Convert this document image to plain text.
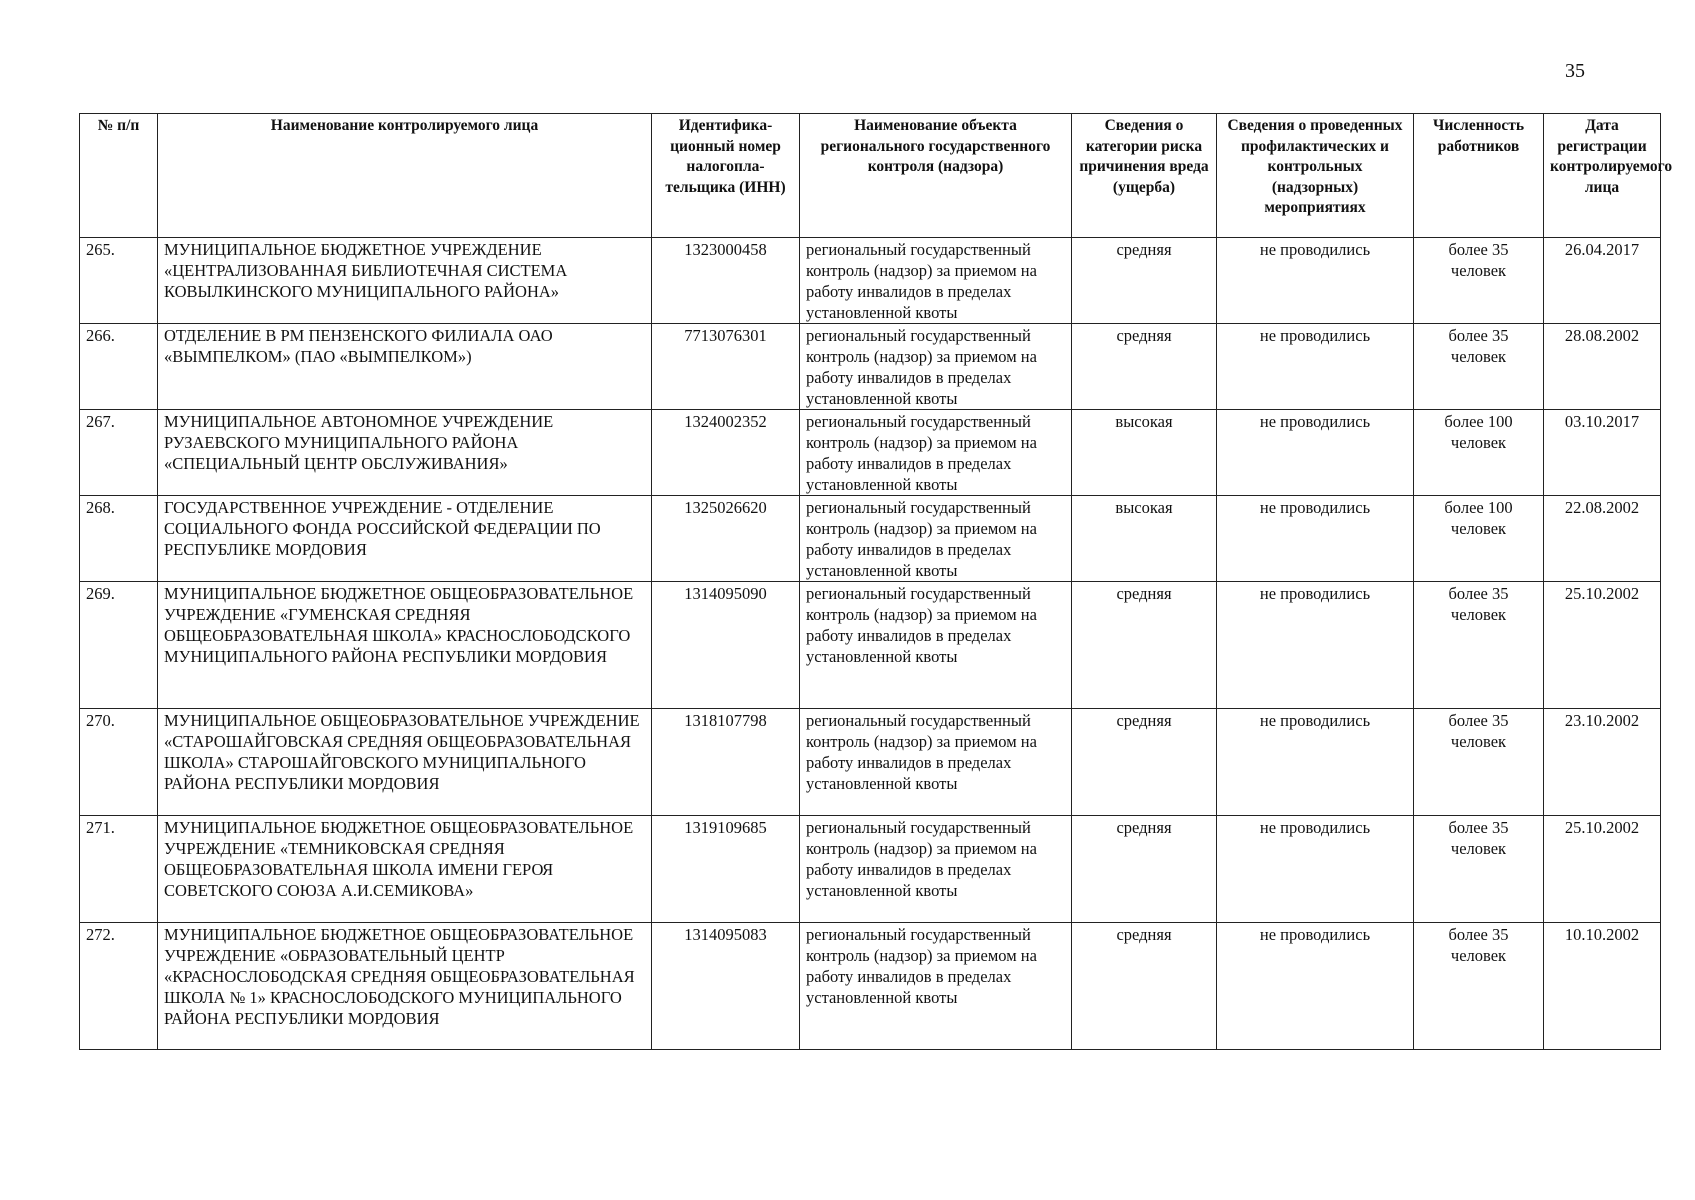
35
№ п/п	Наименование контролируемого лица	Идентифика-ционный номер налогопла-тельщика (ИНН)	Наименование объекта регионального государственного контроля (надзора)	Сведения о категории риска причинения вреда (ущерба)	Сведения о проведенных профилактических и контрольных (надзорных) мероприятиях	Численность работников	Дата регистрации контролируемого лица
265.	МУНИЦИПАЛЬНОЕ БЮДЖЕТНОЕ УЧРЕЖДЕНИЕ «ЦЕНТРАЛИЗОВАННАЯ БИБЛИОТЕЧНАЯ СИСТЕМА КОВЫЛКИНСКОГО МУНИЦИПАЛЬНОГО РАЙОНА»	1323000458	региональный государственный контроль (надзор) за приемом на работу инвалидов в пределах установленной квоты	средняя	не проводились	более 35 человек	26.04.2017
266.	ОТДЕЛЕНИЕ В РМ ПЕНЗЕНСКОГО ФИЛИАЛА ОАО «ВЫМПЕЛКОМ» (ПАО «ВЫМПЕЛКОМ»)	7713076301	региональный государственный контроль (надзор) за приемом на работу инвалидов в пределах установленной квоты	средняя	не проводились	более 35 человек	28.08.2002
267.	МУНИЦИПАЛЬНОЕ АВТОНОМНОЕ УЧРЕЖДЕНИЕ РУЗАЕВСКОГО МУНИЦИПАЛЬНОГО РАЙОНА «СПЕЦИАЛЬНЫЙ ЦЕНТР ОБСЛУЖИВАНИЯ»	1324002352	региональный государственный контроль (надзор) за приемом на работу инвалидов в пределах установленной квоты	высокая	не проводились	более 100 человек	03.10.2017
268.	ГОСУДАРСТВЕННОЕ УЧРЕЖДЕНИЕ - ОТДЕЛЕНИЕ СОЦИАЛЬНОГО ФОНДА РОССИЙСКОЙ ФЕДЕРАЦИИ ПО РЕСПУБЛИКЕ МОРДОВИЯ	1325026620	региональный государственный контроль (надзор) за приемом на работу инвалидов в пределах установленной квоты	высокая	не проводились	более 100 человек	22.08.2002
269.	МУНИЦИПАЛЬНОЕ БЮДЖЕТНОЕ ОБЩЕОБРАЗОВАТЕЛЬНОЕ УЧРЕЖДЕНИЕ «ГУМЕНСКАЯ СРЕДНЯЯ ОБЩЕОБРАЗОВАТЕЛЬНАЯ ШКОЛА» КРАСНОСЛОБОДСКОГО МУНИЦИПАЛЬНОГО РАЙОНА РЕСПУБЛИКИ МОРДОВИЯ	1314095090	региональный государственный контроль (надзор) за приемом на работу инвалидов в пределах установленной квоты	средняя	не проводились	более 35 человек	25.10.2002
270.	МУНИЦИПАЛЬНОЕ ОБЩЕОБРАЗОВАТЕЛЬНОЕ УЧРЕЖДЕНИЕ «СТАРОШАЙГОВСКАЯ СРЕДНЯЯ ОБЩЕОБРАЗОВАТЕЛЬНАЯ ШКОЛА» СТАРОШАЙГОВСКОГО МУНИЦИПАЛЬНОГО РАЙОНА РЕСПУБЛИКИ МОРДОВИЯ	1318107798	региональный государственный контроль (надзор) за приемом на работу инвалидов в пределах установленной квоты	средняя	не проводились	более 35 человек	23.10.2002
271.	МУНИЦИПАЛЬНОЕ БЮДЖЕТНОЕ ОБЩЕОБРАЗОВАТЕЛЬНОЕ УЧРЕЖДЕНИЕ «ТЕМНИКОВСКАЯ СРЕДНЯЯ ОБЩЕОБРАЗОВАТЕЛЬНАЯ ШКОЛА ИМЕНИ ГЕРОЯ СОВЕТСКОГО СОЮЗА А.И.СЕМИКОВА»	1319109685	региональный государственный контроль (надзор) за приемом на работу инвалидов в пределах установленной квоты	средняя	не проводились	более 35 человек	25.10.2002
272.	МУНИЦИПАЛЬНОЕ БЮДЖЕТНОЕ ОБЩЕОБРАЗОВАТЕЛЬНОЕ УЧРЕЖДЕНИЕ «ОБРАЗОВАТЕЛЬНЫЙ ЦЕНТР «КРАСНОСЛОБОДСКАЯ СРЕДНЯЯ ОБЩЕОБРАЗОВАТЕЛЬНАЯ ШКОЛА № 1» КРАСНОСЛОБОДСКОГО МУНИЦИПАЛЬНОГО РАЙОНА РЕСПУБЛИКИ МОРДОВИЯ	1314095083	региональный государственный контроль (надзор) за приемом на работу инвалидов в пределах установленной квоты	средняя	не проводились	более 35 человек	10.10.2002
